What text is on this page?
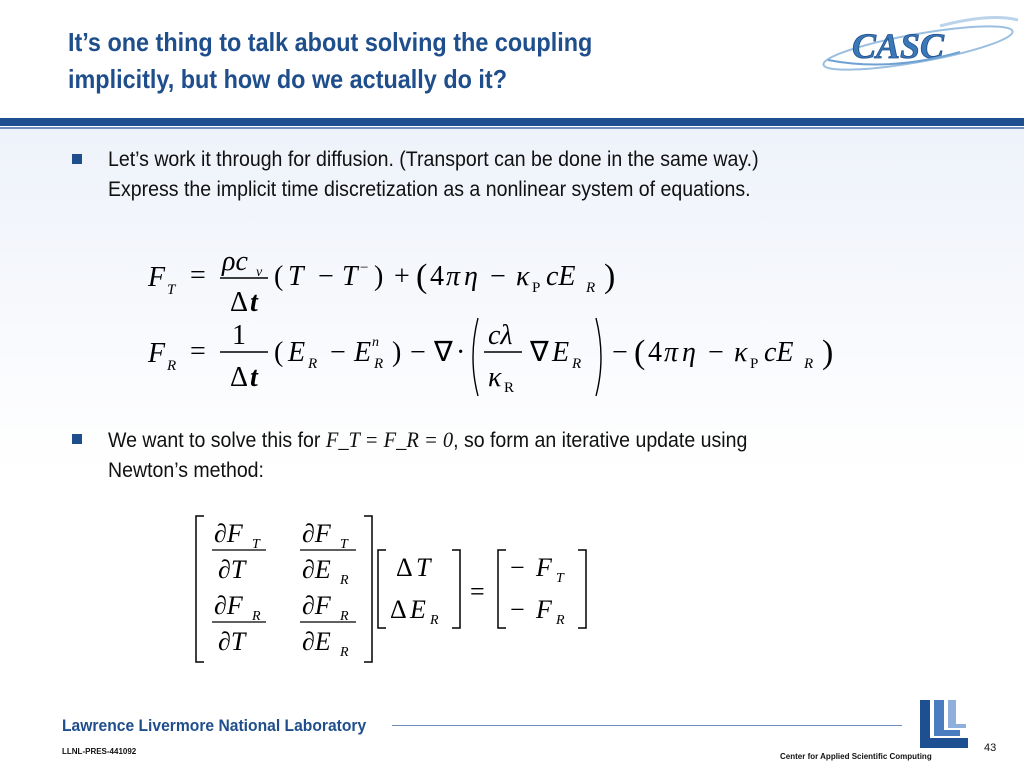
It’s one thing to talk about solving the coupling
implicitly, but how do we actually do it?
CASC
Let’s work it through for diffusion. (Transport can be done in the same way.)
Express the implicit time discretization as a nonlinear system of equations.
F T = ρc v
Δ t
( T − T − ) + ( 4 π η − κ P cE R )
F R =
1
Δ t
( E R − E n
R ) − ∇ ·
cλ
κ R
∇ E R − ( 4 π η − κ P cE R )
We want to solve this for F_T = F_R = 0, so form an iterative update using
Newton’s method:
∂F T
∂T
∂F T
∂E R
∂F R
∂T
∂F R
∂E R
Δ T
Δ E R
=
− F T
− F R
Lawrence Livermore National Laboratory
LLNL-PRES-441092
Center for Applied Scientific Computing
43
